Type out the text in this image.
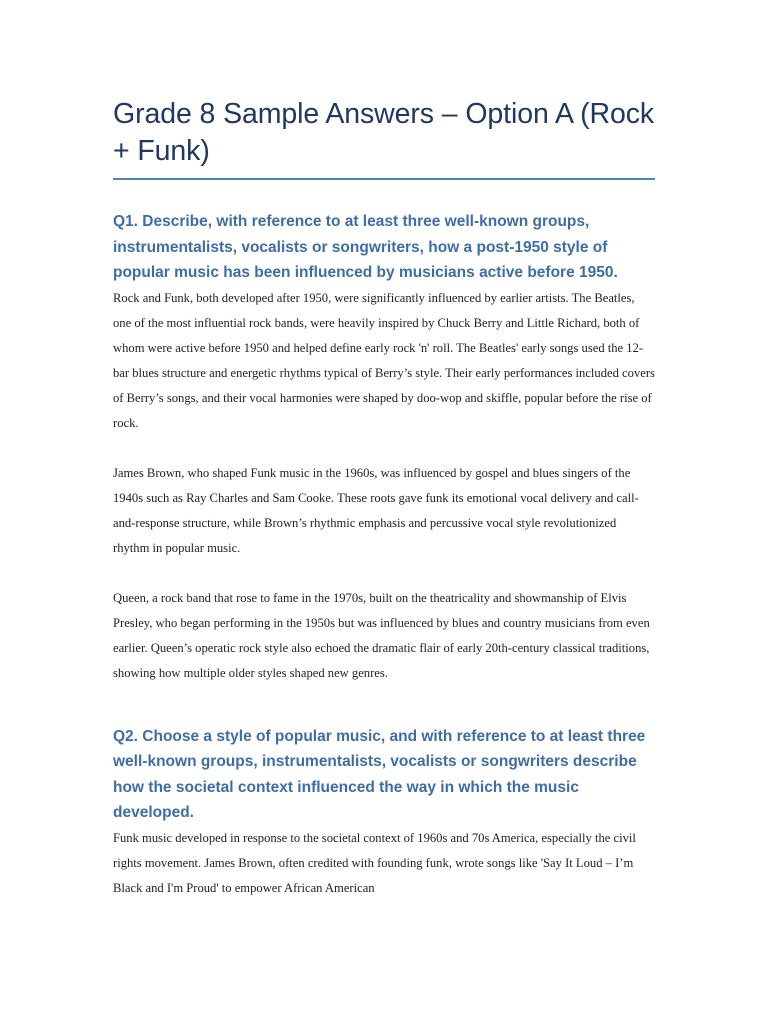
Grade 8 Sample Answers – Option A (Rock + Funk)
Q1. Describe, with reference to at least three well-known groups, instrumentalists, vocalists or songwriters, how a post-1950 style of popular music has been influenced by musicians active before 1950.

Rock and Funk, both developed after 1950, were significantly influenced by earlier artists. The Beatles, one of the most influential rock bands, were heavily inspired by Chuck Berry and Little Richard, both of whom were active before 1950 and helped define early rock 'n' roll. The Beatles' early songs used the 12-bar blues structure and energetic rhythms typical of Berry’s style. Their early performances included covers of Berry’s songs, and their vocal harmonies were shaped by doo-wop and skiffle, popular before the rise of rock.

James Brown, who shaped Funk music in the 1960s, was influenced by gospel and blues singers of the 1940s such as Ray Charles and Sam Cooke. These roots gave funk its emotional vocal delivery and call-and-response structure, while Brown’s rhythmic emphasis and percussive vocal style revolutionized rhythm in popular music.

Queen, a rock band that rose to fame in the 1970s, built on the theatricality and showmanship of Elvis Presley, who began performing in the 1950s but was influenced by blues and country musicians from even earlier. Queen’s operatic rock style also echoed the dramatic flair of early 20th-century classical traditions, showing how multiple older styles shaped new genres.

Q2. Choose a style of popular music, and with reference to at least three well-known groups, instrumentalists, vocalists or songwriters describe how the societal context influenced the way in which the music developed.

Funk music developed in response to the societal context of 1960s and 70s America, especially the civil rights movement. James Brown, often credited with founding funk, wrote songs like 'Say It Loud – I’m Black and I'm Proud' to empower African American
